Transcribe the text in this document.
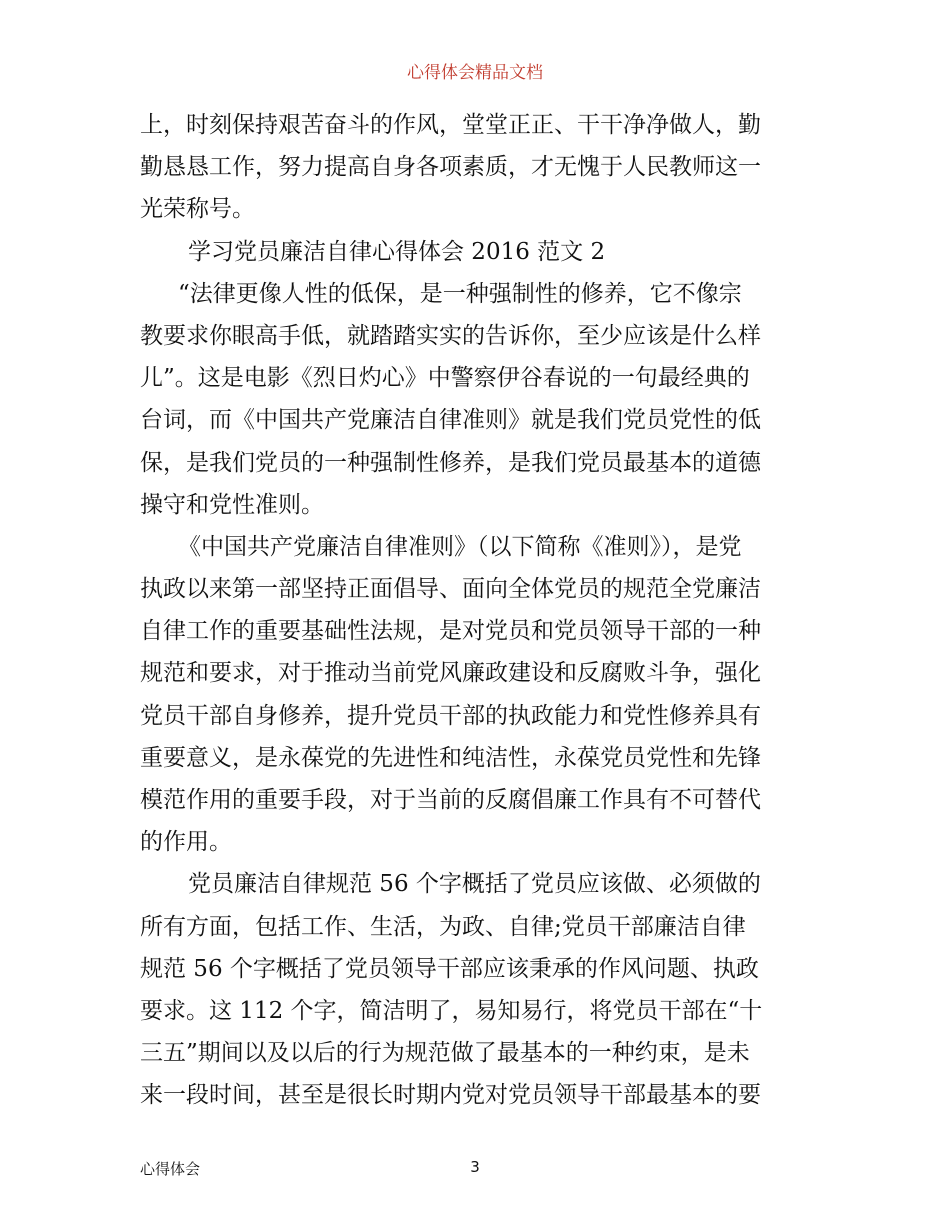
心得体会精品文档
上，时刻保持艰苦奋斗的作风，堂堂正正、干干净净做人，勤
勤恳恳工作，努力提高自身各项素质，才无愧于人民教师这一
光荣称号。
学习党员廉洁自律心得体会 2016 范文 2
“法律更像人性的低保，是一种强制性的修养，它不像宗
教要求你眼高手低，就踏踏实实的告诉你，至少应该是什么样
儿”。这是电影《烈日灼心》中警察伊谷春说的一句最经典的
台词，而《中国共产党廉洁自律准则》就是我们党员党性的低
保，是我们党员的一种强制性修养，是我们党员最基本的道德
操守和党性准则。
《中国共产党廉洁自律准则》（以下简称《准则》），是党
执政以来第一部坚持正面倡导、面向全体党员的规范全党廉洁
自律工作的重要基础性法规，是对党员和党员领导干部的一种
规范和要求，对于推动当前党风廉政建设和反腐败斗争，强化
党员干部自身修养，提升党员干部的执政能力和党性修养具有
重要意义，是永葆党的先进性和纯洁性，永葆党员党性和先锋
模范作用的重要手段，对于当前的反腐倡廉工作具有不可替代
的作用。
党员廉洁自律规范 56 个字概括了党员应该做、必须做的
所有方面，包括工作、生活，为政、自律;党员干部廉洁自律
规范 56 个字概括了党员领导干部应该秉承的作风问题、执政
要求。这 112 个字，简洁明了，易知易行，将党员干部在“十
三五”期间以及以后的行为规范做了最基本的一种约束，是未
来一段时间，甚至是很长时期内党对党员领导干部最基本的要
心得体会	3
